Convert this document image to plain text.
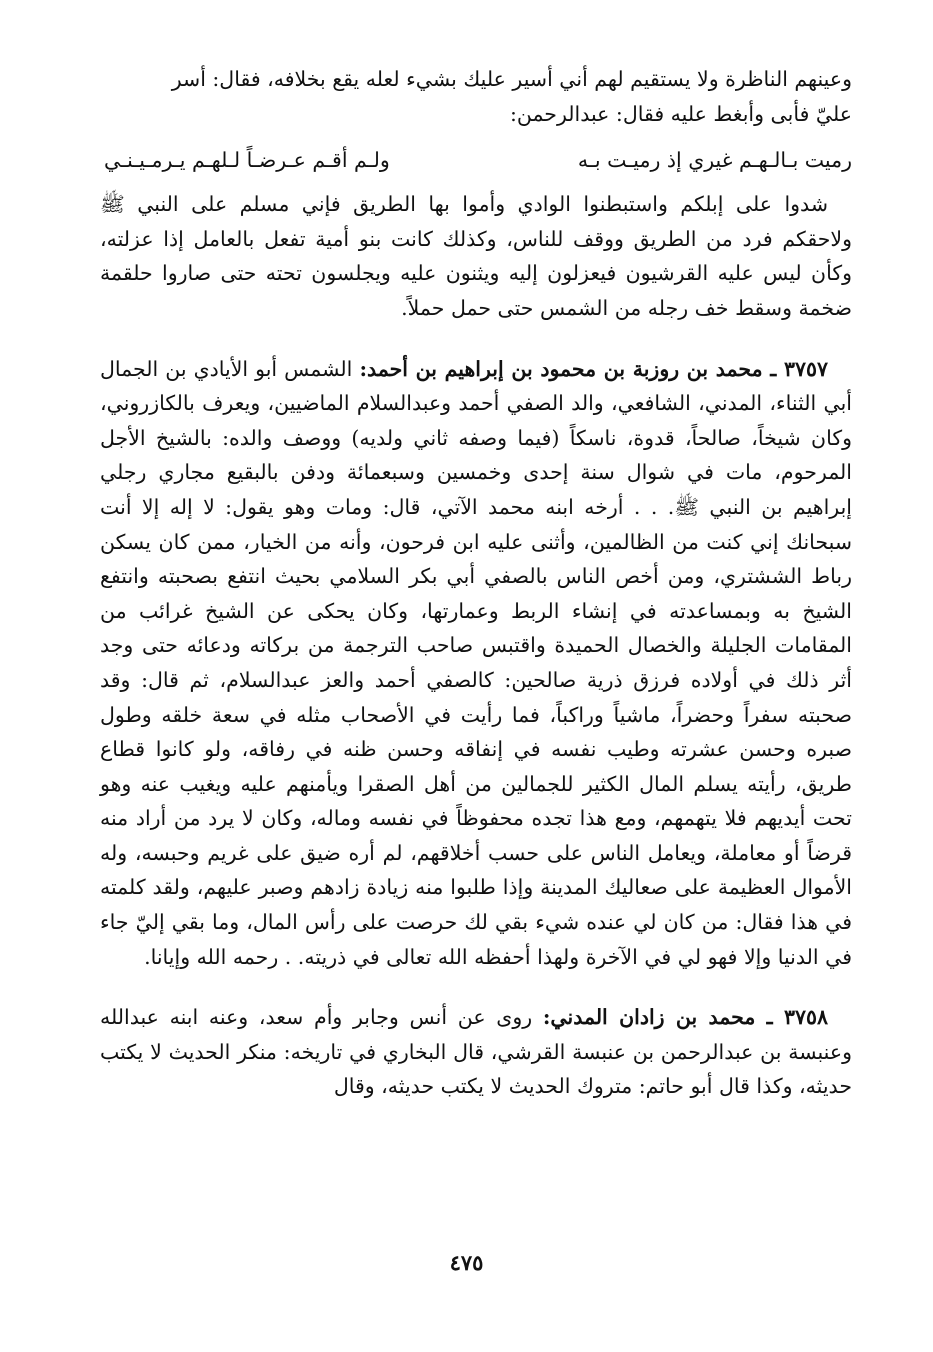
وعينهم الناظرة ولا يستقيم لهم أني أسير عليك بشيء لعله يقع بخلافه، فقال: أسر

عليّ فأبى وأبغط عليه فقال: عبدالرحمن:

رميت بـالـهـم غيري إذ رميـت بـه
ولـم أقـم عـرضـاً لـلهـم يـرمـيـنـي

شدوا على إبلكم واستبطنوا الوادي وأموا بها الطريق فإني مسلم على النبي ﷺ ولاحقكم فرد من الطريق ووقف للناس، وكذلك كانت بنو أمية تفعل بالعامل إذا عزلته، وكأن ليس عليه القرشيون فيعزلون إليه ويثنون عليه ويجلسون تحته حتى صاروا حلقمة ضخمة وسقط خف رجله من الشمس حتى حمل حملاً.

٣٧٥٧ ـ محمد بن روزبة بن محمود بن إبراهيم بن أحمد: الشمس أبو الأيادي بن الجمال أبي الثناء، المدني، الشافعي، والد الصفي أحمد وعبدالسلام الماضيين، ويعرف بالكازروني، وكان شيخاً، صالحاً، قدوة، ناسكاً (فيما وصفه ثاني ولديه) ووصف والده: بالشيخ الأجل المرحوم، مات في شوال سنة إحدى وخمسين وسبعمائة ودفن بالبقيع مجاري رجلي إبراهيم بن النبي ﷺ. . . أرخه ابنه محمد الآتي، قال: ومات وهو يقول: لا إله إلا أنت سبحانك إني كنت من الظالمين، وأثنى عليه ابن فرحون، وأنه من الخيار، ممن كان يسكن رباط الششتري، ومن أخص الناس بالصفي أبي بكر السلامي بحيث انتفع بصحبته وانتفع الشيخ به وبمساعدته في إنشاء الربط وعمارتها، وكان يحكى عن الشيخ غرائب من المقامات الجليلة والخصال الحميدة واقتبس صاحب الترجمة من بركاته ودعائه حتى وجد أثر ذلك في أولاده فرزق ذرية صالحين: كالصفي أحمد والعز عبدالسلام، ثم قال: وقد صحبته سفراً وحضراً، ماشياً وراكباً، فما رأيت في الأصحاب مثله في سعة خلقه وطول صبره وحسن عشرته وطيب نفسه في إنفاقه وحسن ظنه في رفاقه، ولو كانوا قطاع طريق، رأيته يسلم المال الكثير للجمالين من أهل الصقرا ويأمنهم عليه ويغيب عنه وهو تحت أيديهم فلا يتهمهم، ومع هذا تجده محفوظاً في نفسه وماله، وكان لا يرد من أراد منه قرضاً أو معاملة، ويعامل الناس على حسب أخلاقهم، لم أره ضيق على غريم وحبسه، وله الأموال العظيمة على صعاليك المدينة وإذا طلبوا منه زيادة زادهم وصبر عليهم، ولقد كلمته في هذا فقال: من كان لي عنده شيء بقي لك حرصت على رأس المال، وما بقي إليّ جاء في الدنيا وإلا فهو لي في الآخرة ولهذا أحفظه الله تعالى في ذريته. . رحمه الله وإيانا.

٣٧٥٨ ـ محمد بن زادان المدني: روى عن أنس وجابر وأم سعد، وعنه ابنه عبدالله وعنبسة بن عبدالرحمن بن عنبسة القرشي، قال البخاري في تاريخه: منكر الحديث لا يكتب حديثه، وكذا قال أبو حاتم: متروك الحديث لا يكتب حديثه، وقال

٤٧٥
